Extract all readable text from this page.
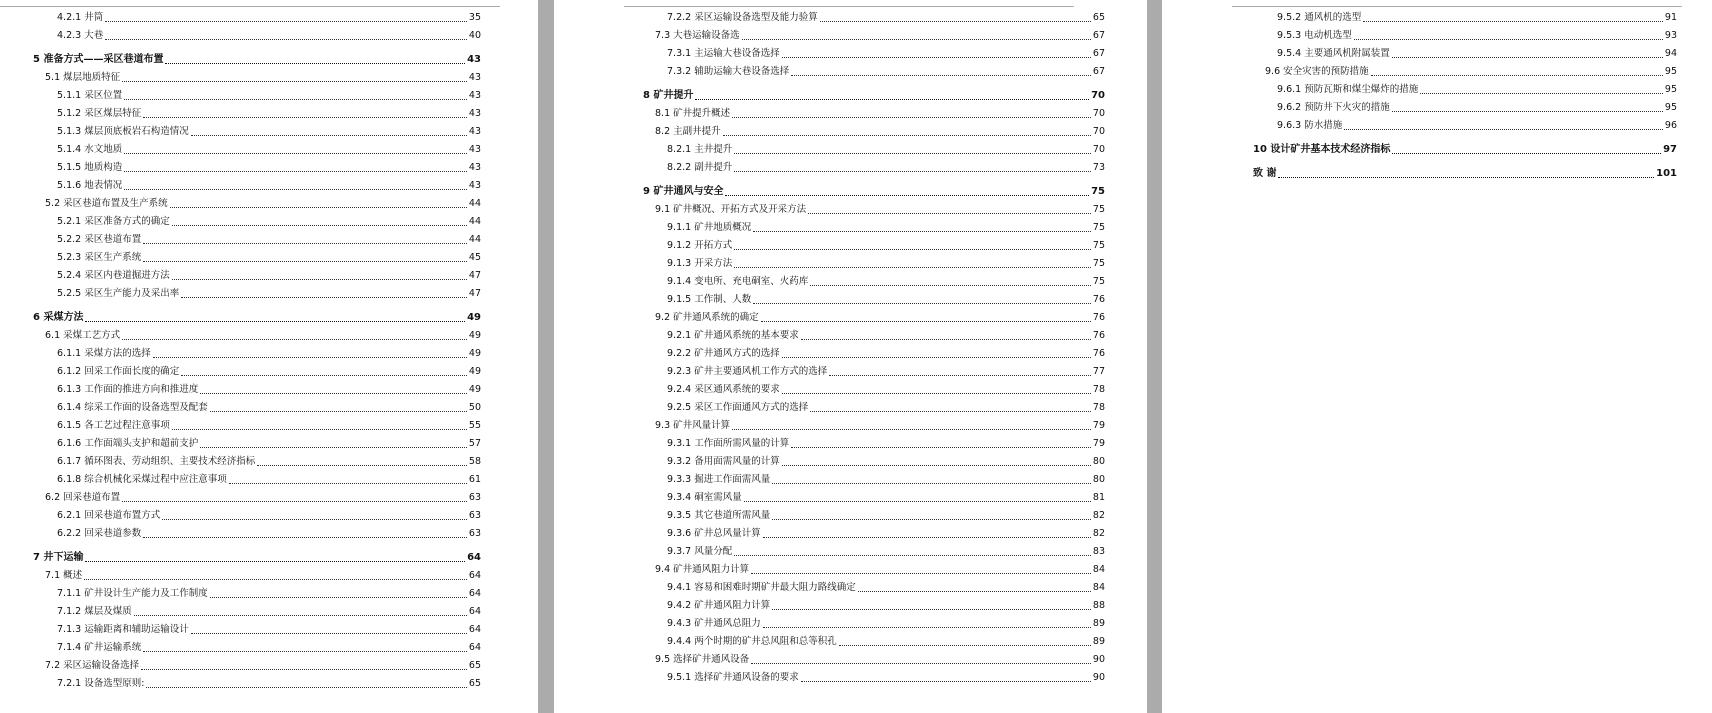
4.2.1 井筒	35
4.2.3 大巷	40
5 准备方式——采区巷道布置	43
5.1 煤层地质特征	43
5.1.1 采区位置	43
5.1.2 采区煤层特征	43
5.1.3 煤层顶底板岩石构造情况	43
5.1.4 水文地质	43
5.1.5 地质构造	43
5.1.6 地表情况	43
5.2 采区巷道布置及生产系统	44
5.2.1 采区准备方式的确定	44
5.2.2 采区巷道布置	44
5.2.3 采区生产系统	45
5.2.4 采区内巷道掘进方法	47
5.2.5 采区生产能力及采出率	47
6 采煤方法	49
6.1 采煤工艺方式	49
6.1.1 采煤方法的选择	49
6.1.2 回采工作面长度的确定	49
6.1.3 工作面的推进方向和推进度	49
6.1.4 综采工作面的设备选型及配套	50
6.1.5 各工艺过程注意事项	55
6.1.6 工作面端头支护和超前支护	57
6.1.7 循环图表、劳动组织、主要技术经济指标	58
6.1.8 综合机械化采煤过程中应注意事项	61
6.2 回采巷道布置	63
6.2.1 回采巷道布置方式	63
6.2.2 回采巷道参数	63
7 井下运输	64
7.1 概述	64
7.1.1 矿井设计生产能力及工作制度	64
7.1.2 煤层及煤质	64
7.1.3 运输距离和辅助运输设计	64
7.1.4 矿井运输系统	64
7.2 采区运输设备选择	65
7.2.1 设备选型原则:	65
7.2.2 采区运输设备选型及能力验算	65
7.3 大巷运输设备选	67
7.3.1 主运输大巷设备选择	67
7.3.2 辅助运输大巷设备选择	67
8 矿井提升	70
8.1 矿井提升概述	70
8.2 主副井提升	70
8.2.1 主井提升	70
8.2.2 副井提升	73
9 矿井通风与安全	75
9.1 矿井概况、开拓方式及开采方法	75
9.1.1 矿井地质概况	75
9.1.2 开拓方式	75
9.1.3 开采方法	75
9.1.4 变电所、充电硐室、火药库	75
9.1.5 工作制、人数	76
9.2 矿井通风系统的确定	76
9.2.1 矿井通风系统的基本要求	76
9.2.2 矿井通风方式的选择	76
9.2.3 矿井主要通风机工作方式的选择	77
9.2.4 采区通风系统的要求	78
9.2.5 采区工作面通风方式的选择	78
9.3 矿井风量计算	79
9.3.1 工作面所需风量的计算	79
9.3.2 备用面需风量的计算	80
9.3.3 掘进工作面需风量	80
9.3.4 硐室需风量	81
9.3.5 其它巷道所需风量	82
9.3.6 矿井总风量计算	82
9.3.7 风量分配	83
9.4 矿井通风阻力计算	84
9.4.1 容易和困难时期矿井最大阻力路线确定	84
9.4.2 矿井通风阻力计算	88
9.4.3 矿井通风总阻力	89
9.4.4 两个时期的矿井总风阻和总等积孔	89
9.5 选择矿井通风设备	90
9.5.1 选择矿井通风设备的要求	90
9.5.2 通风机的选型	91
9.5.3 电动机选型	93
9.5.4 主要通风机附属装置	94
9.6 安全灾害的预防措施	95
9.6.1 预防瓦斯和煤尘爆炸的措施	95
9.6.2 预防井下火灾的措施	95
9.6.3 防水措施	96
10 设计矿井基本技术经济指标	97
致 谢	101
